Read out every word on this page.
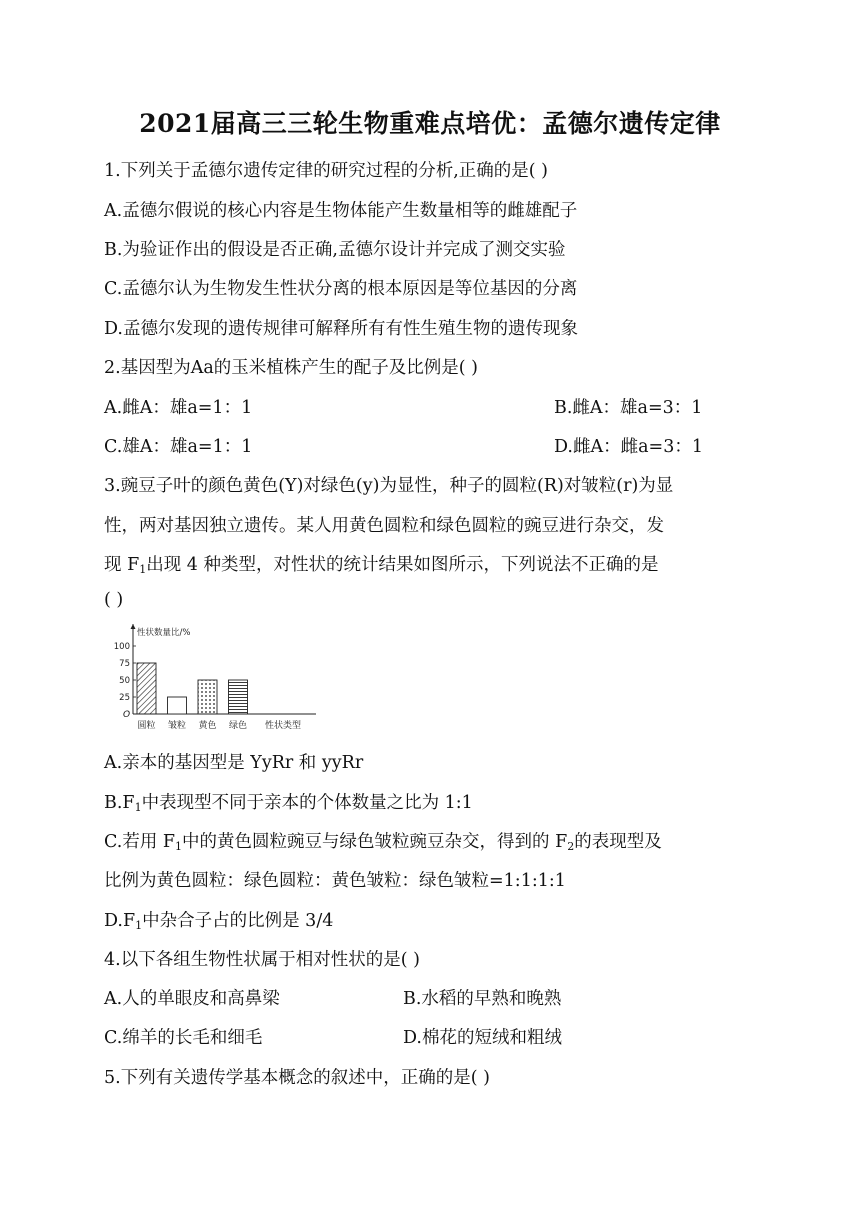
2021届高三三轮生物重难点培优：孟德尔遗传定律
1.下列关于孟德尔遗传定律的研究过程的分析,正确的是( )
A.孟德尔假说的核心内容是生物体能产生数量相等的雌雄配子
B.为验证作出的假设是否正确,孟德尔设计并完成了测交实验
C.孟德尔认为生物发生性状分离的根本原因是等位基因的分离
D.孟德尔发现的遗传规律可解释所有有性生殖生物的遗传现象
2.基因型为Aa的玉米植株产生的配子及比例是( )
A.雌A：雄a=1：1	B.雌A：雄a=3：1
C.雄A：雄a=1：1	D.雌A：雌a=3：1
3.豌豆子叶的颜色黄色(Y)对绿色(y)为显性，种子的圆粒(R)对皱粒(r)为显
性，两对基因独立遗传。某人用黄色圆粒和绿色圆粒的豌豆进行杂交，发
现 $F_1$出现 4 种类型，对性状的统计结果如图所示，下列说法不正确的是
( )
25
50
75
100
O
性状数量比/%
圆粒 皱粒 黄色 绿色 性状类型
A.亲本的基因型是 YyRr 和 yyRr
$B.F_1$中表现型不同于亲本的个体数量之比为 1:1
C.若用 $F_1$中的黄色圆粒豌豆与绿色皱粒豌豆杂交，得到的 $F_2$的表现型及
比例为黄色圆粒：绿色圆粒：黄色皱粒：绿色皱粒=1:1:1:1
$D.F_1$中杂合子占的比例是 3/4
4.以下各组生物性状属于相对性状的是( )
A.人的单眼皮和高鼻梁	B.水稻的早熟和晚熟
C.绵羊的长毛和细毛	D.棉花的短绒和粗绒
5.下列有关遗传学基本概念的叙述中，正确的是( )
